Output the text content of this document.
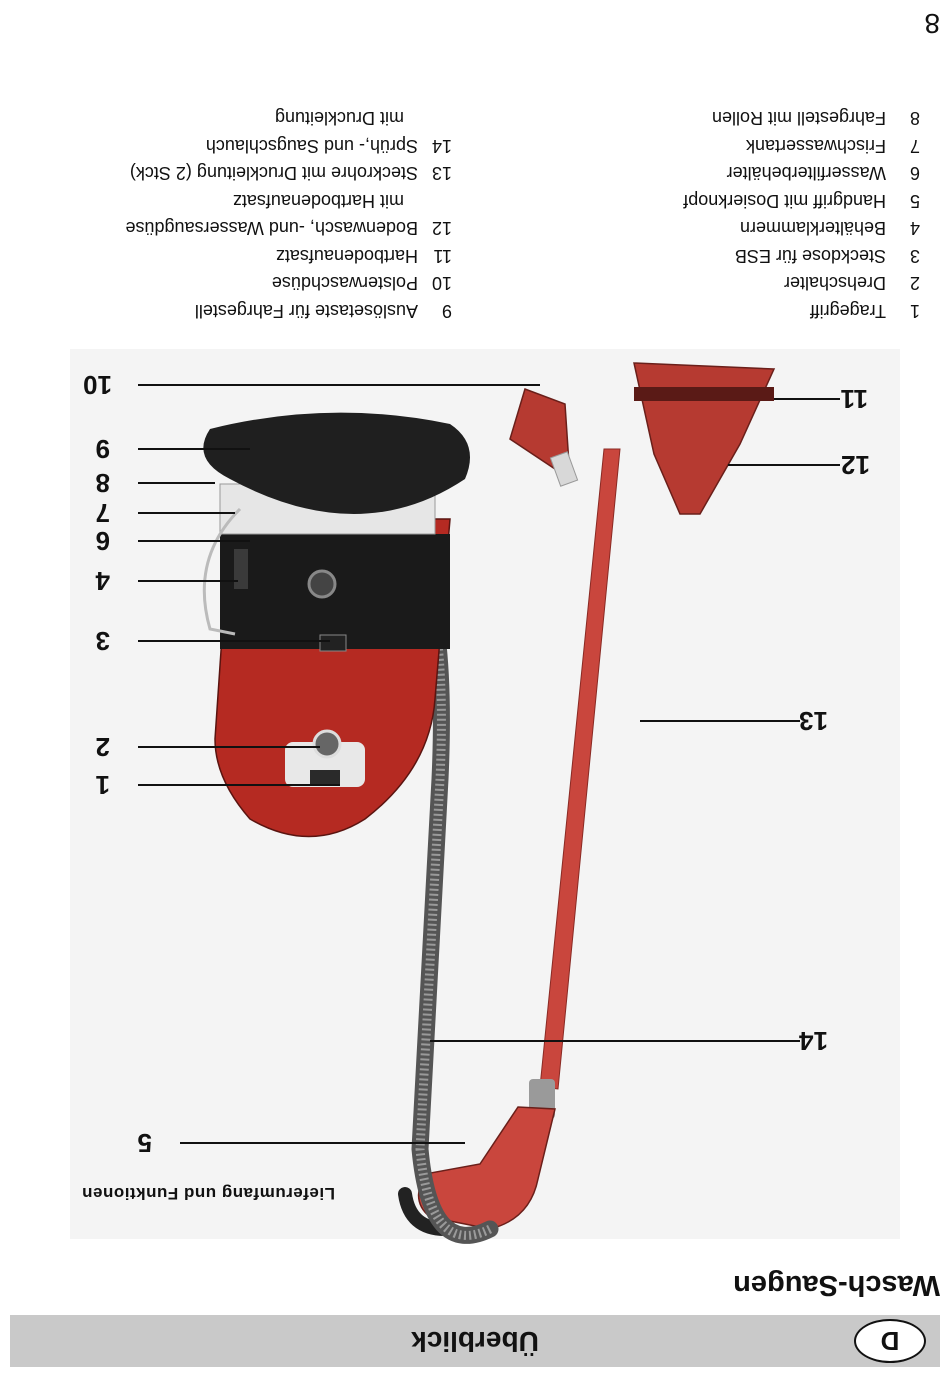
D
Überblick
Wasch-Saugen
1
2
3
4
5
6
7
8
9
10	11
12
13
14
Lieferumfang und Funktionen
1
Tragegriff
2
Drehschalter
3
Steckdose für ESB
4
Behälterklammern
5
Handgriff mit Dosierknopf
6
Wasserfilterbehälter
7
Frischwassertank
8
Fahrgestell mit Rollen
9
Auslösetaste für Fahrgestell
10
Polsterwaschdüse
11
Hartbodenaufsatz
12
Bodenwasch, -und Wassersaugdüse
mit Hartbodenaufsatz
13
Steckrohre mit Druckleitung (2 Stck)
14
Sprüh,- und Saugschlauch
mit Druckleitung
8
